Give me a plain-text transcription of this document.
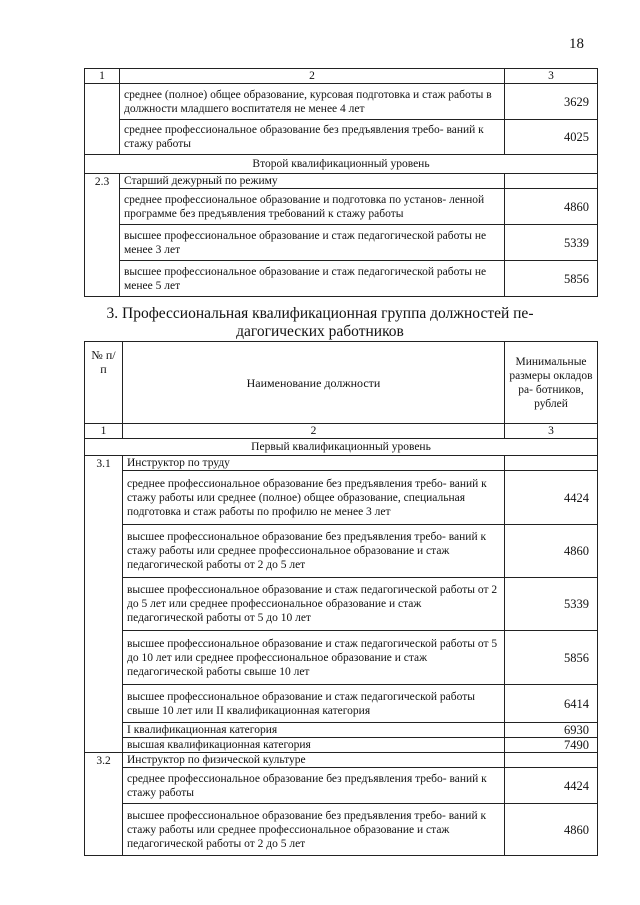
18
1	2	3
	среднее (полное) общее образование, курсовая подготовка и стаж работы в должности младшего воспитателя не менее 4 лет	3629
	среднее профессиональное образование без предъявления требо- ваний к стажу работы	4025
Второй квалификационный уровень		
2.3	Старший дежурный по режиму	
	среднее профессиональное образование и подготовка по установ- ленной программе без предъявления требований к стажу работы	4860
	высшее профессиональное образование и стаж педагогической работы не менее 3 лет	5339
	высшее профессиональное образование и стаж педагогической работы не менее 5 лет	5856
3. Профессиональная квалификационная группа должностей пе- дагогических работников
№ п/п	Наименование должности	Минимальные размеры окладов ра- ботников, рублей
1	2	3
Первый квалификационный уровень		
3.1	Инструктор по труду	
	среднее профессиональное образование без предъявления требо- ваний к стажу работы или среднее (полное) общее образование, специальная подготовка и стаж работы по профилю не менее 3 лет	4424
	высшее профессиональное образование без предъявления требо- ваний к стажу работы или среднее профессиональное образование и стаж педагогической работы от 2 до 5 лет	4860
	высшее профессиональное образование и стаж педагогической работы от 2 до 5 лет или среднее профессиональное образование и стаж педагогической работы от 5 до 10 лет	5339
	высшее профессиональное образование и стаж педагогической работы от 5 до 10 лет или среднее профессиональное образование и стаж педагогической работы свыше 10 лет	5856
	высшее профессиональное образование и стаж педагогической работы свыше 10 лет или II квалификационная категория	6414
	I квалификационная категория	6930
	высшая квалификационная категория	7490
3.2	Инструктор по физической культуре	
	среднее профессиональное образование без предъявления требо- ваний к стажу работы	4424
	высшее профессиональное образование без предъявления требо- ваний к стажу работы или среднее профессиональное образование и стаж педагогической работы от 2 до 5 лет	4860
